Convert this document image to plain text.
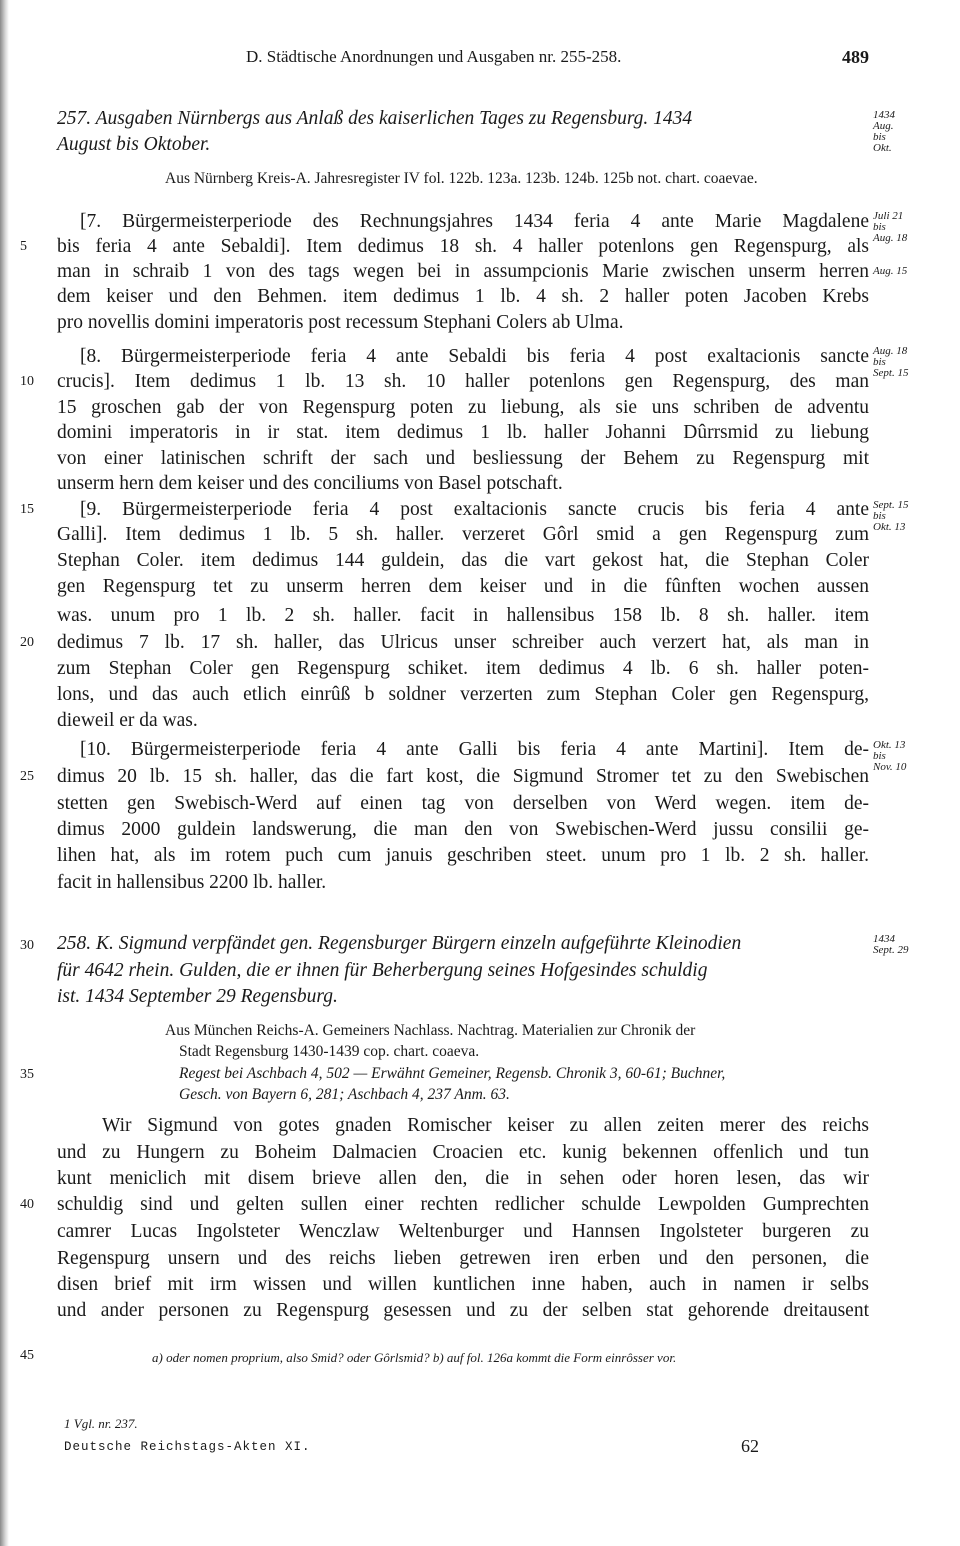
D. Städtische Anordnungen und Ausgaben nr. 255-258.	489
257. Ausgaben Nürnbergs aus Anlaß des kaiserlichen Tages zu Regensburg. 1434
August bis Oktober.
1434
Aug.
bis
Okt.
Aus Nürnberg Kreis-A. Jahresregister IV fol. 122b. 123a. 123b. 124b. 125b not. chart. coaevae.
[7. Bürgermeisterperiode des Rechnungsjahres 1434 feria 4 ante Marie Magdalene
bis feria 4 ante Sebaldi]. Item dedimus 18 sh. 4 haller potenlons gen Regenspurg, als
man in schraib 1 von des tags wegen bei in assumpcionis Marie zwischen unserm herren
dem keiser und den Behmen. item dedimus 1 lb. 4 sh. 2 haller poten Jacoben Krebs
pro novellis domini imperatoris post recessum Stephani Colers ab Ulma.
[8. Bürgermeisterperiode feria 4 ante Sebaldi bis feria 4 post exaltacionis sancte
crucis]. Item dedimus 1 lb. 13 sh. 10 haller potenlons gen Regenspurg, des man
15 groschen gab der von Regenspurg poten zu liebung, als sie uns schriben de adventu
domini imperatoris in ir stat. item dedimus 1 lb. haller Johanni Dûrrsmid zu liebung
von einer latinischen schrift der sach und besliessung der Behem zu Regenspurg mit
unserm hern dem keiser und des conciliums von Basel potschaft.
[9. Bürgermeisterperiode feria 4 post exaltacionis sancte crucis bis feria 4 ante
Galli]. Item dedimus 1 lb. 5 sh. haller. verzeret Gôrl smid a gen Regenspurg zum
Stephan Coler. item dedimus 144 guldein, das die vart gekost hat, die Stephan Coler
gen Regenspurg tet zu unserm herren dem keiser und in die fûnften wochen aussen
was. unum pro 1 lb. 2 sh. haller. facit in hallensibus 158 lb. 8 sh. haller. item
dedimus 7 lb. 17 sh. haller, das Ulricus unser schreiber auch verzert hat, als man in
zum Stephan Coler gen Regenspurg schiket. item dedimus 4 lb. 6 sh. haller poten-
lons, und das auch etlich einrûß b soldner verzerten zum Stephan Coler gen Regenspurg,
dieweil er da was.
[10. Bürgermeisterperiode feria 4 ante Galli bis feria 4 ante Martini]. Item de-
dimus 20 lb. 15 sh. haller, das die fart kost, die Sigmund Stromer tet zu den Swebischen
stetten gen Swebisch-Werd auf einen tag von derselben von Werd wegen. item de-
dimus 2000 guldein landswerung, die man den von Swebischen-Werd jussu consilii ge-
lihen hat, als im rotem puch cum januis geschriben steet. unum pro 1 lb. 2 sh. haller.
facit in hallensibus 2200 lb. haller.
Juli 21
bis
Aug. 18
Aug. 15
Aug. 18
bis
Sept. 15
Sept. 15
bis
Okt. 13
Okt. 13
bis
Nov. 10
258. K. Sigmund verpfändet gen. Regensburger Bürgern einzeln aufgeführte Kleinodien
für 4642 rhein. Gulden, die er ihnen für Beherbergung seines Hofgesindes schuldig
ist. 1434 September 29 Regensburg.
1434
Sept. 29
Aus München Reichs-A. Gemeiners Nachlass. Nachtrag. Materialien zur Chronik der
Stadt Regensburg 1430-1439 cop. chart. coaeva.
Regest bei Aschbach 4, 502 — Erwähnt Gemeiner, Regensb. Chronik 3, 60-61; Buchner,
Gesch. von Bayern 6, 281; Aschbach 4, 237 Anm. 63.
Wir Sigmund von gotes gnaden Romischer keiser zu allen zeiten merer des reichs
und zu Hungern zu Boheim Dalmacien Croacien etc. kunig bekennen offenlich und tun
kunt meniclich mit disem brieve allen den, die in sehen oder horen lesen, das wir
schuldig sind und gelten sullen einer rechten redlicher schulde Lewpolden Gumprechten
camrer Lucas Ingolsteter Wenczlaw Weltenburger und Hannsen Ingolsteter burgeren zu
Regenspurg unsern und des reichs lieben getrewen iren erben und den personen, die
disen brief mit irm wissen und willen kuntlichen inne haben, auch in namen ir selbs
und ander personen zu Regenspurg gesessen und zu der selben stat gehorende dreitausent
5
10
15
20
25
30
35
40
45	a) oder nomen proprium, also Smid? oder Gôrlsmid? b) auf fol. 126a kommt die Form einrôsser vor.
1 Vgl. nr. 237.
Deutsche Reichstags-Akten XI.	62
